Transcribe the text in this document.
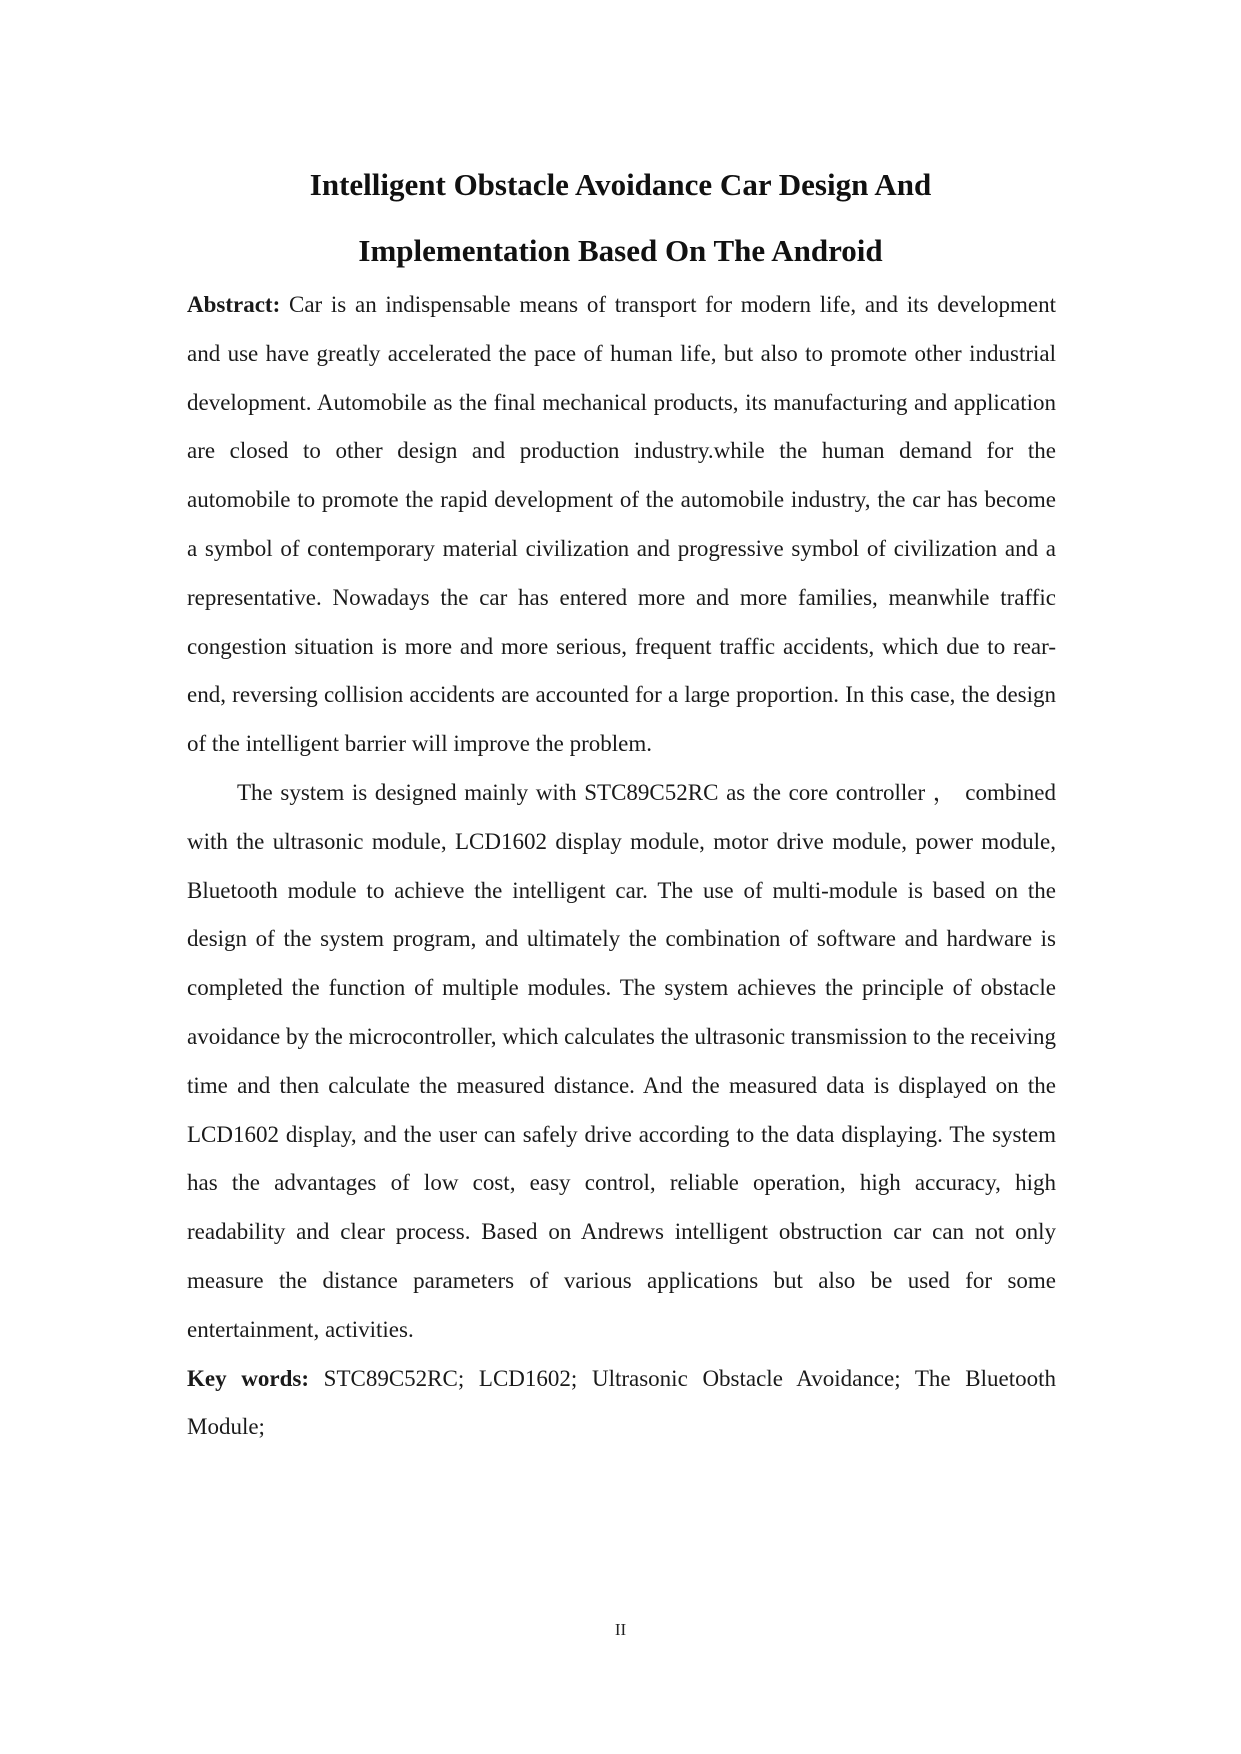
Intelligent Obstacle Avoidance Car Design And

Implementation Based On The Android

Abstract: Car is an indispensable means of transport for modern life, and its development and use have greatly accelerated the pace of human life, but also to promote other industrial development. Automobile as the final mechanical products, its manufacturing and application are closed to other design and production industry.while the human demand for the automobile to promote the rapid development of the automobile industry, the car has become a symbol of contemporary material civilization and progressive symbol of civilization and a representative. Nowadays the car has entered more and more families, meanwhile traffic congestion situation is more and more serious, frequent traffic accidents, which due to rear-end, reversing collision accidents are accounted for a large proportion. In this case, the design of the intelligent barrier will improve the problem.

The system is designed mainly with STC89C52RC as the core controller ， combined with the ultrasonic module, LCD1602 display module, motor drive module, power module, Bluetooth module to achieve the intelligent car. The use of multi-module is based on the design of the system program, and ultimately the combination of software and hardware is completed the function of multiple modules. The system achieves the principle of obstacle avoidance by the microcontroller, which calculates the ultrasonic transmission to the receiving time and then calculate the measured distance. And the measured data is displayed on the LCD1602 display, and the user can safely drive according to the data displaying. The system has the advantages of low cost, easy control, reliable operation, high accuracy, high readability and clear process. Based on Andrews intelligent obstruction car can not only measure the distance parameters of various applications but also be used for some entertainment, activities.

Key words: STC89C52RC; LCD1602; Ultrasonic Obstacle Avoidance; The Bluetooth Module;

II
